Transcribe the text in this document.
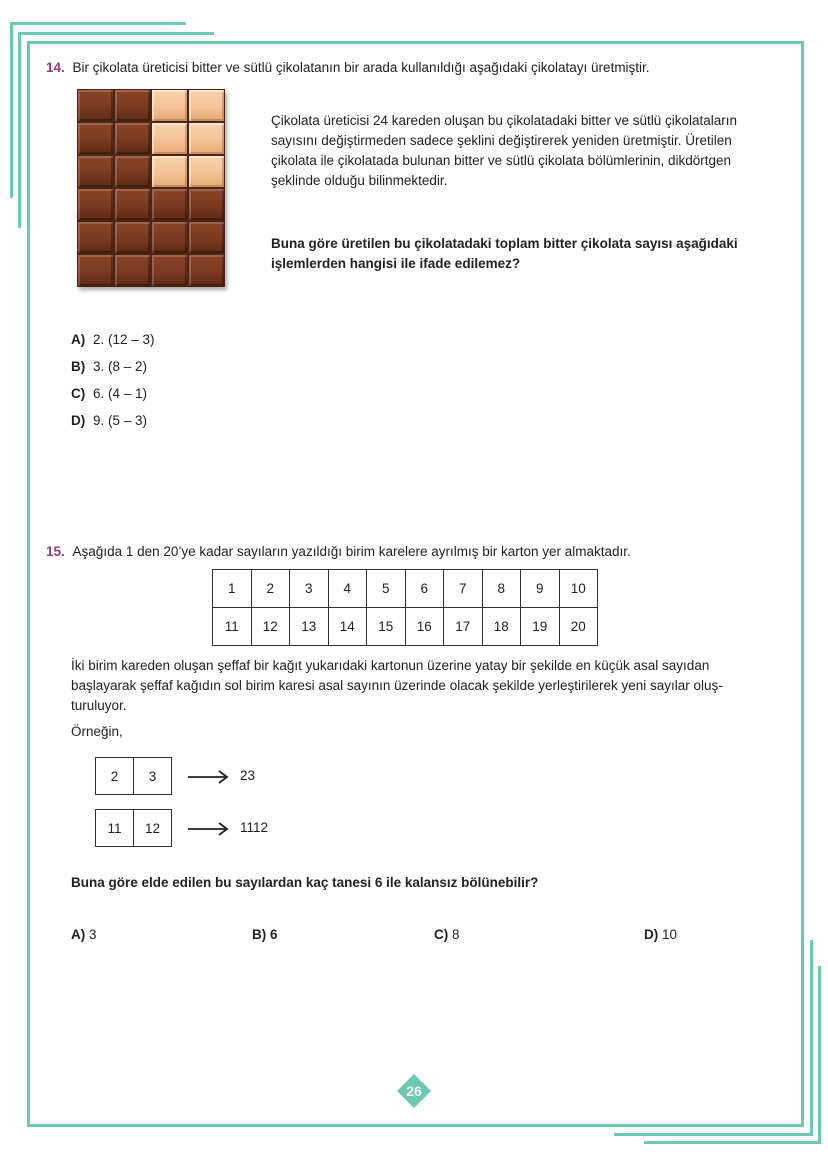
14. Bir çikolata üreticisi bitter ve sütlü çikolatanın bir arada kullanıldığı aşağıdaki çikolatayı üretmiştir.
Çikolata üreticisi 24 kareden oluşan bu çikolatadaki bitter ve sütlü çikolataların sayısını değiştirmeden sadece şeklini değiştirerek yeniden üretmiştir. Üretilen çikolata ile çikolatada bulunan bitter ve sütlü çikolata bölümlerinin, dikdörtgen şeklinde olduğu bilinmektedir.
Buna göre üretilen bu çikolatadaki toplam bitter çikolata sayısı aşağıdaki işlemlerden hangisi ile ifade edilemez?
A) 2. (12 – 3)
B) 3. (8 – 2)
C) 6. (4 – 1)
D) 9. (5 – 3)
15. Aşağıda 1 den 20’ye kadar sayıların yazıldığı birim karelere ayrılmış bir karton yer almaktadır.
1	2	3	4	5	6	7	8	9	10
11	12	13	14	15	16	17	18	19	20
İki birim kareden oluşan şeffaf bir kağıt yukarıdaki kartonun üzerine yatay bir şekilde en küçük asal sayıdan başlayarak şeffaf kağıdın sol birim karesi asal sayının üzerinde olacak şekilde yerleştirilerek yeni sayılar oluş-turuluyor.
Örneğin,
2	3	23
11	12	1112
Buna göre elde edilen bu sayılardan kaç tanesi 6 ile kalansız bölünebilir?
A) 3	B) 6	C) 8	D) 10
26
